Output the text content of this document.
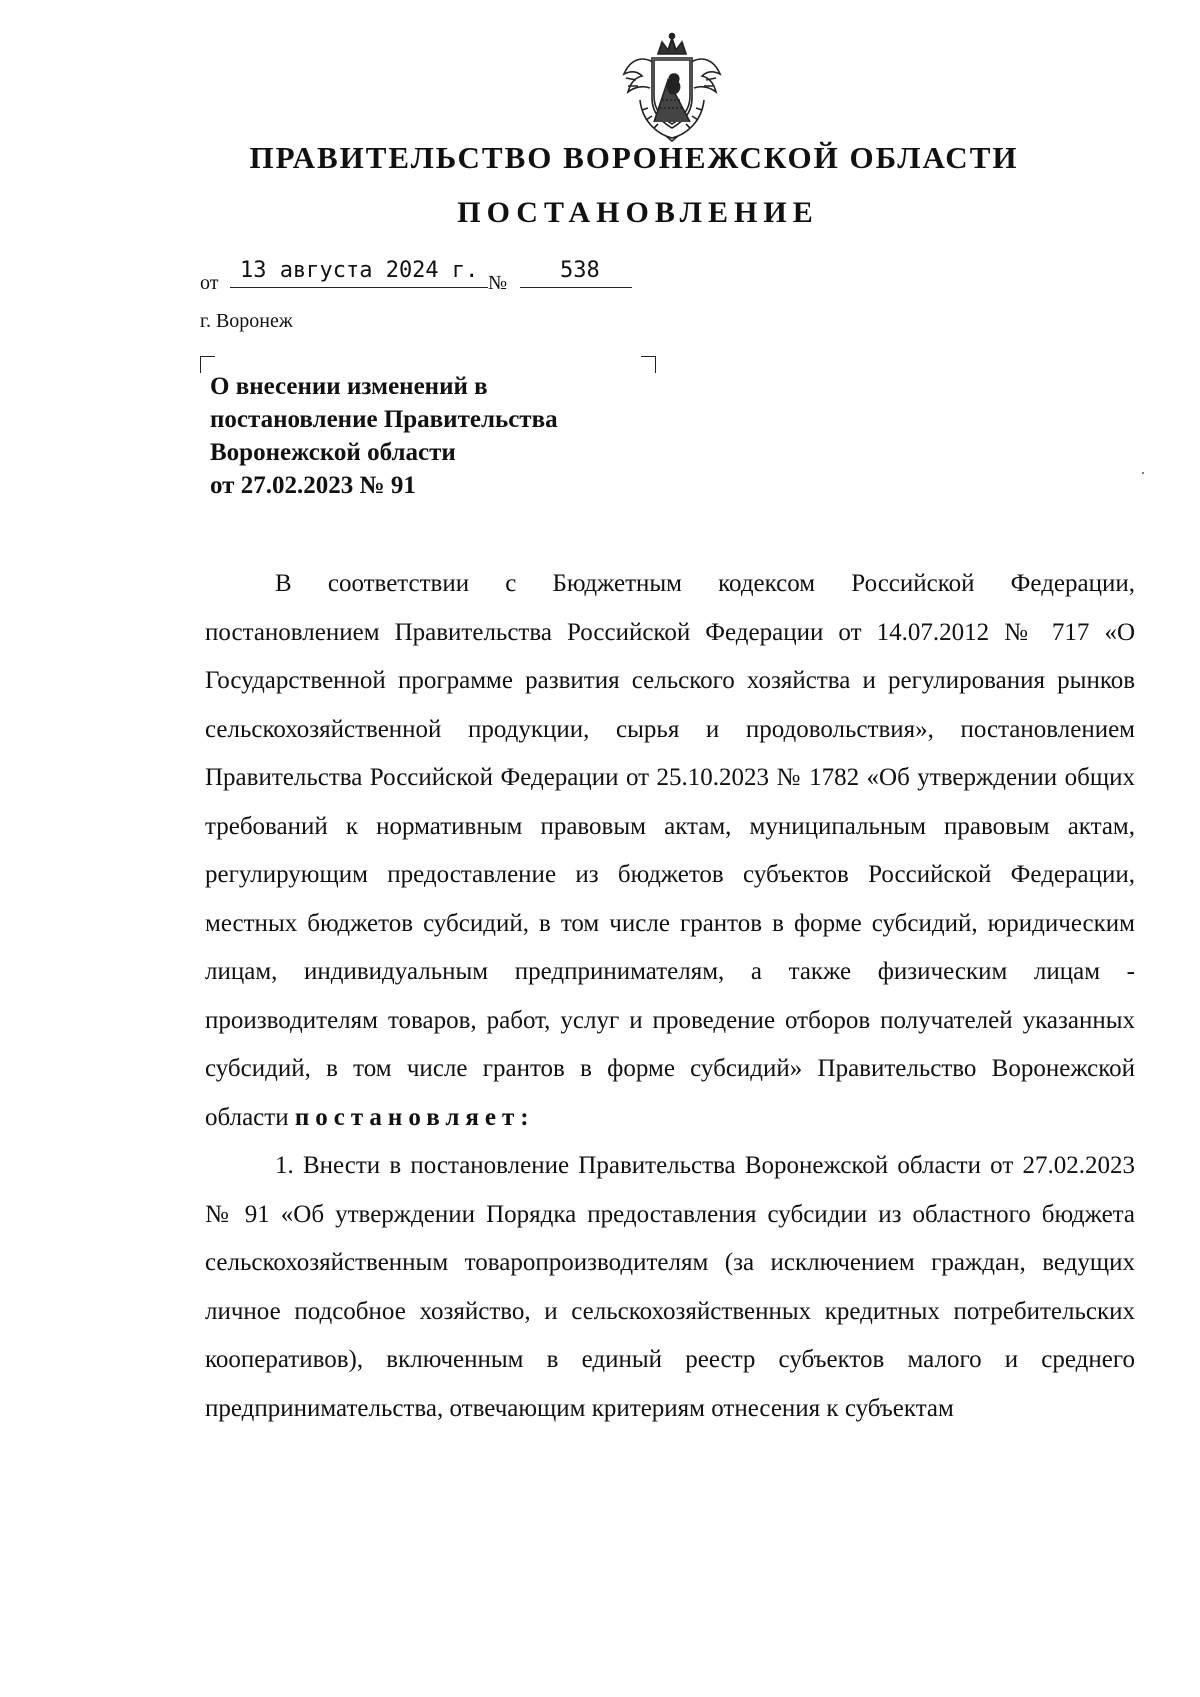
ПРАВИТЕЛЬСТВО ВОРОНЕЖСКОЙ ОБЛАСТИ
ПОСТАНОВЛЕНИЕ
от 13 августа 2024 г. №	538
г. Воронеж
О внесении изменений в
постановление Правительства
Воронежской области
от 27.02.2023 № 91

В соответствии с Бюджетным кодексом Российской Федерации, постановлением Правительства Российской Федерации от 14.07.2012 № 717 «О Государственной программе развития сельского хозяйства и регулирования рынков сельскохозяйственной продукции, сырья и продовольствия», постановлением Правительства Российской Федерации от 25.10.2023 № 1782 «Об утверждении общих требований к нормативным правовым актам, муниципальным правовым актам, регулирующим предоставление из бюджетов субъектов Российской Федерации, местных бюджетов субсидий, в том числе грантов в форме субсидий, юридическим лицам, индивидуальным предпринимателям, а также физическим лицам - производителям товаров, работ, услуг и проведение отборов получателей указанных субсидий, в том числе грантов в форме субсидий» Правительство Воронежской области постановляет:

1. Внести в постановление Правительства Воронежской области от 27.02.2023 № 91 «Об утверждении Порядка предоставления субсидии из областного бюджета сельскохозяйственным товаропроизводителям (за исключением граждан, ведущих личное подсобное хозяйство, и сельскохозяйственных кредитных потребительских кооперативов), включенным в единый реестр субъектов малого и среднего предпринимательства, отвечающим критериям отнесения к субъектам
